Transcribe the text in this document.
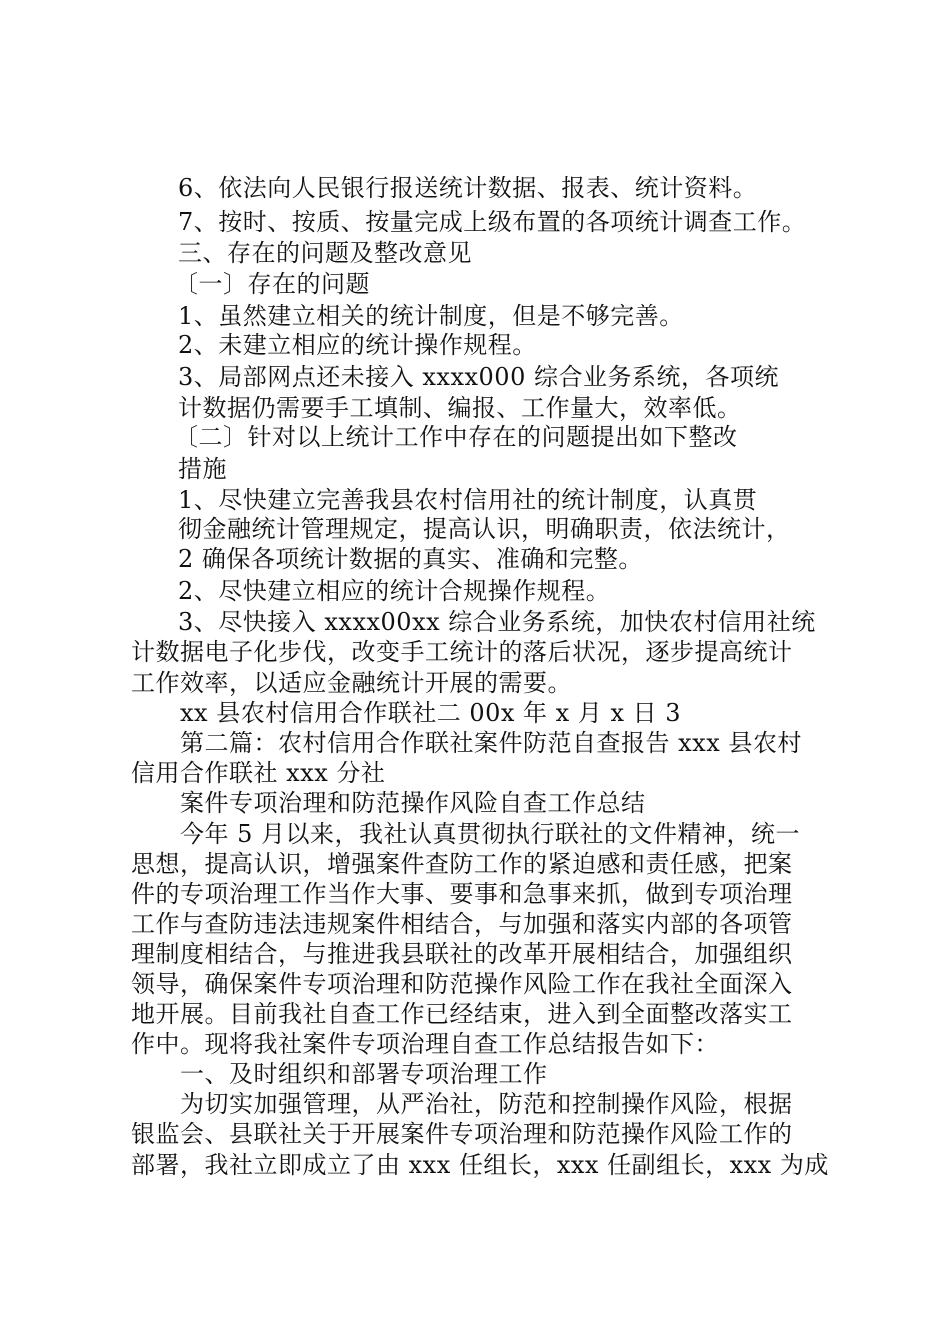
6、依法向人民银行报送统计数据、报表、统计资料。
7、按时、按质、按量完成上级布置的各项统计调查工作。
三、存在的问题及整改意见
〔一〕存在的问题
1、虽然建立相关的统计制度，但是不够完善。
2、未建立相应的统计操作规程。
3、局部网点还未接入 xxxx000 综合业务系统，各项统
计数据仍需要手工填制、编报、工作量大，效率低。
〔二〕针对以上统计工作中存在的问题提出如下整改
措施
1、尽快建立完善我县农村信用社的统计制度，认真贯
彻金融统计管理规定，提高认识，明确职责，依法统计，
2 确保各项统计数据的真实、准确和完整。
2、尽快建立相应的统计合规操作规程。
3、尽快接入 xxxx00xx 综合业务系统，加快农村信用社统
计数据电子化步伐，改变手工统计的落后状况，逐步提高统计
工作效率，以适应金融统计开展的需要。
xx 县农村信用合作联社二 00x 年 x 月 x 日 3
第二篇：农村信用合作联社案件防范自查报告 xxx 县农村
信用合作联社 xxx 分社
案件专项治理和防范操作风险自查工作总结
今年 5 月以来，我社认真贯彻执行联社的文件精神，统一
思想，提高认识，增强案件查防工作的紧迫感和责任感，把案
件的专项治理工作当作大事、要事和急事来抓，做到专项治理
工作与查防违法违规案件相结合，与加强和落实内部的各项管
理制度相结合，与推进我县联社的改革开展相结合，加强组织
领导，确保案件专项治理和防范操作风险工作在我社全面深入
地开展。目前我社自查工作已经结束，进入到全面整改落实工
作中。现将我社案件专项治理自查工作总结报告如下：
一、及时组织和部署专项治理工作
为切实加强管理，从严治社，防范和控制操作风险，根据
银监会、县联社关于开展案件专项治理和防范操作风险工作的
部署，我社立即成立了由 xxx 任组长，xxx 任副组长，xxx 为成
